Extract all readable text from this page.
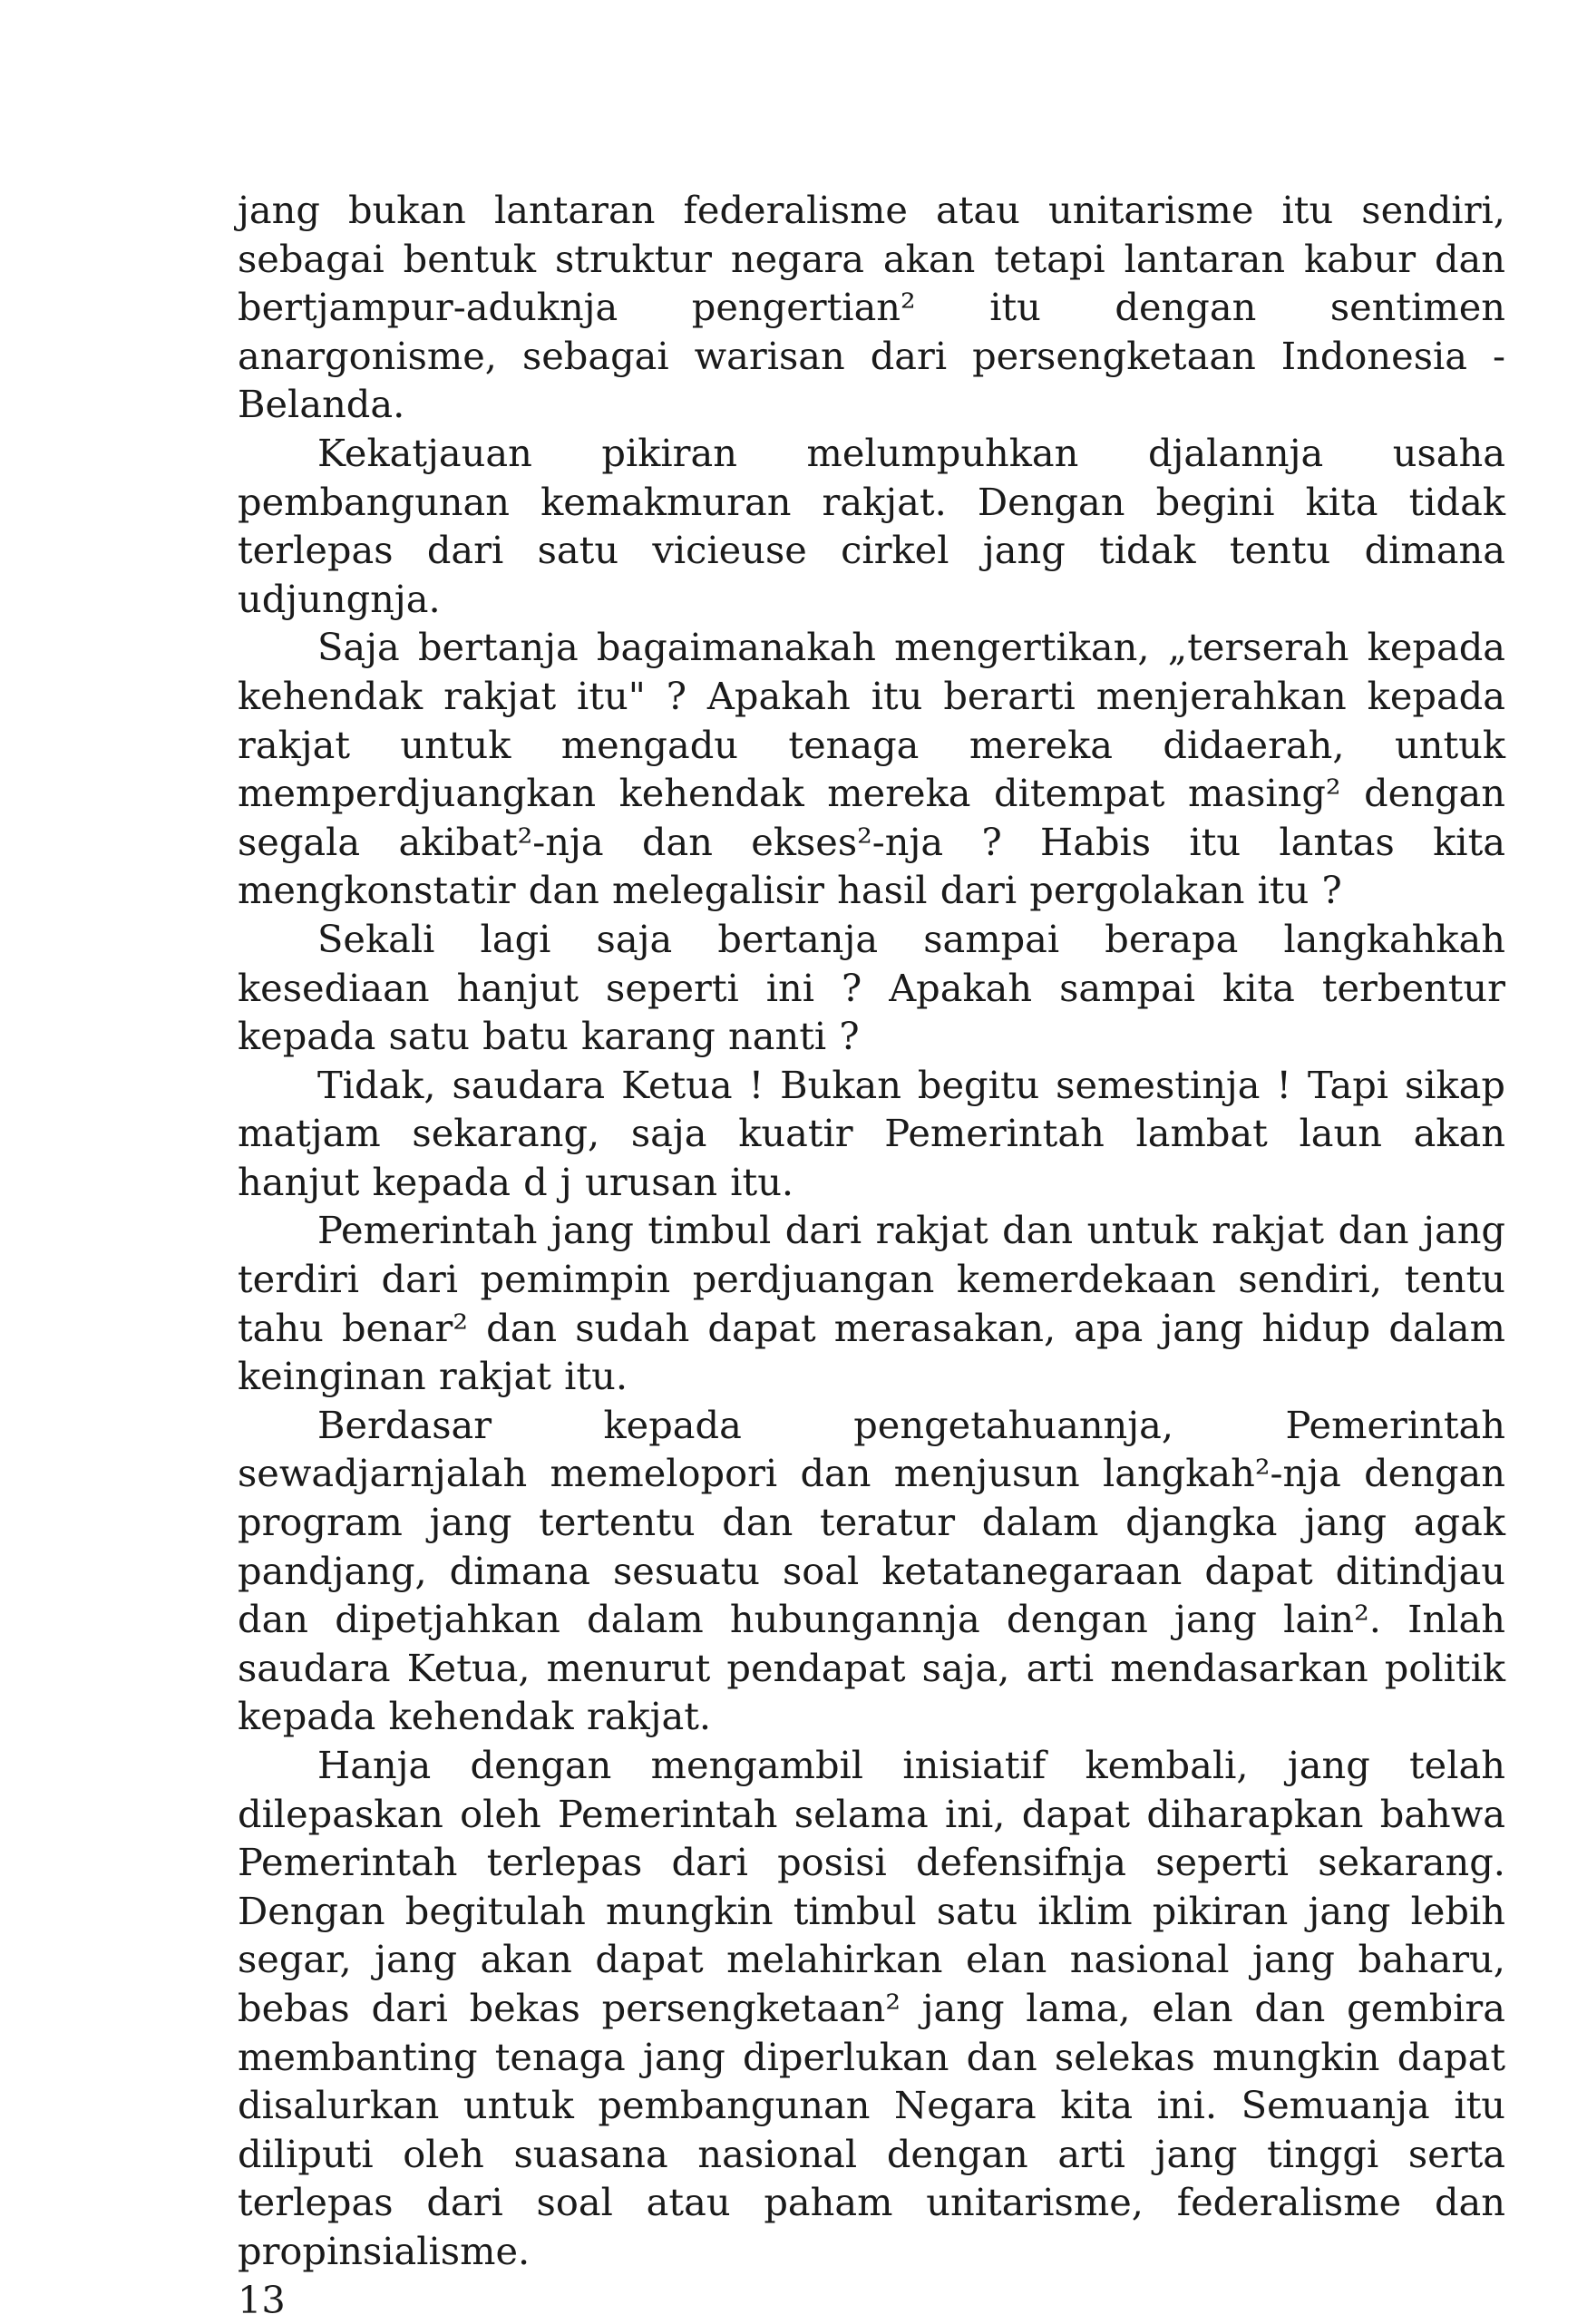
jang bukan lantaran federalisme atau unitarisme itu sendiri, sebagai bentuk struktur negara akan tetapi lantaran kabur dan bertjampur-aduknja pengertian² itu dengan sentimen anargonisme, sebagai warisan dari persengketaan Indonesia - Belanda.

Kekatjauan pikiran melumpuhkan djalannja usaha pembangunan kemakmuran rakjat. Dengan begini kita tidak terlepas dari satu vicieuse cirkel jang tidak tentu dimana udjungnja.

Saja bertanja bagaimanakah mengertikan, „terserah kepada kehendak rakjat itu" ? Apakah itu berarti menjerahkan kepada rakjat untuk mengadu tenaga mereka didaerah, untuk memperdjuangkan kehendak mereka ditempat masing² dengan segala akibat²-nja dan ekses²-nja ? Habis itu lantas kita mengkonstatir dan melegalisir hasil dari pergolakan itu ?

Sekali lagi saja bertanja sampai berapa langkahkah kesediaan hanjut seperti ini ? Apakah sampai kita terbentur kepada satu batu karang nanti ?

Tidak, saudara Ketua ! Bukan begitu semestinja ! Tapi sikap matjam sekarang, saja kuatir Pemerintah lambat laun akan hanjut kepada d j urusan itu.

Pemerintah jang timbul dari rakjat dan untuk rakjat dan jang terdiri dari pemimpin perdjuangan kemerdekaan sendiri, tentu tahu benar² dan sudah dapat merasakan, apa jang hidup dalam keinginan rakjat itu.

Berdasar kepada pengetahuannja, Pemerintah sewadjarnjalah memelopori dan menjusun langkah²-nja dengan program jang tertentu dan teratur dalam djangka jang agak pandjang, dimana sesuatu soal ketatanegaraan dapat ditindjau dan dipetjahkan dalam hubungannja dengan jang lain². Inlah saudara Ketua, menurut pendapat saja, arti mendasarkan politik kepada kehendak rakjat.

Hanja dengan mengambil inisiatif kembali, jang telah dilepaskan oleh Pemerintah selama ini, dapat diharapkan bahwa Pemerintah terlepas dari posisi defensifnja seperti sekarang. Dengan begitulah mungkin timbul satu iklim pikiran jang lebih segar, jang akan dapat melahirkan elan nasional jang baharu, bebas dari bekas persengketaan² jang lama, elan dan gembira membanting tenaga jang diperlukan dan selekas mungkin dapat disalurkan untuk pembangunan Negara kita ini. Semuanja itu diliputi oleh suasana nasional dengan arti jang tinggi serta terlepas dari soal atau paham unitarisme, federalisme dan propinsialisme.

13
